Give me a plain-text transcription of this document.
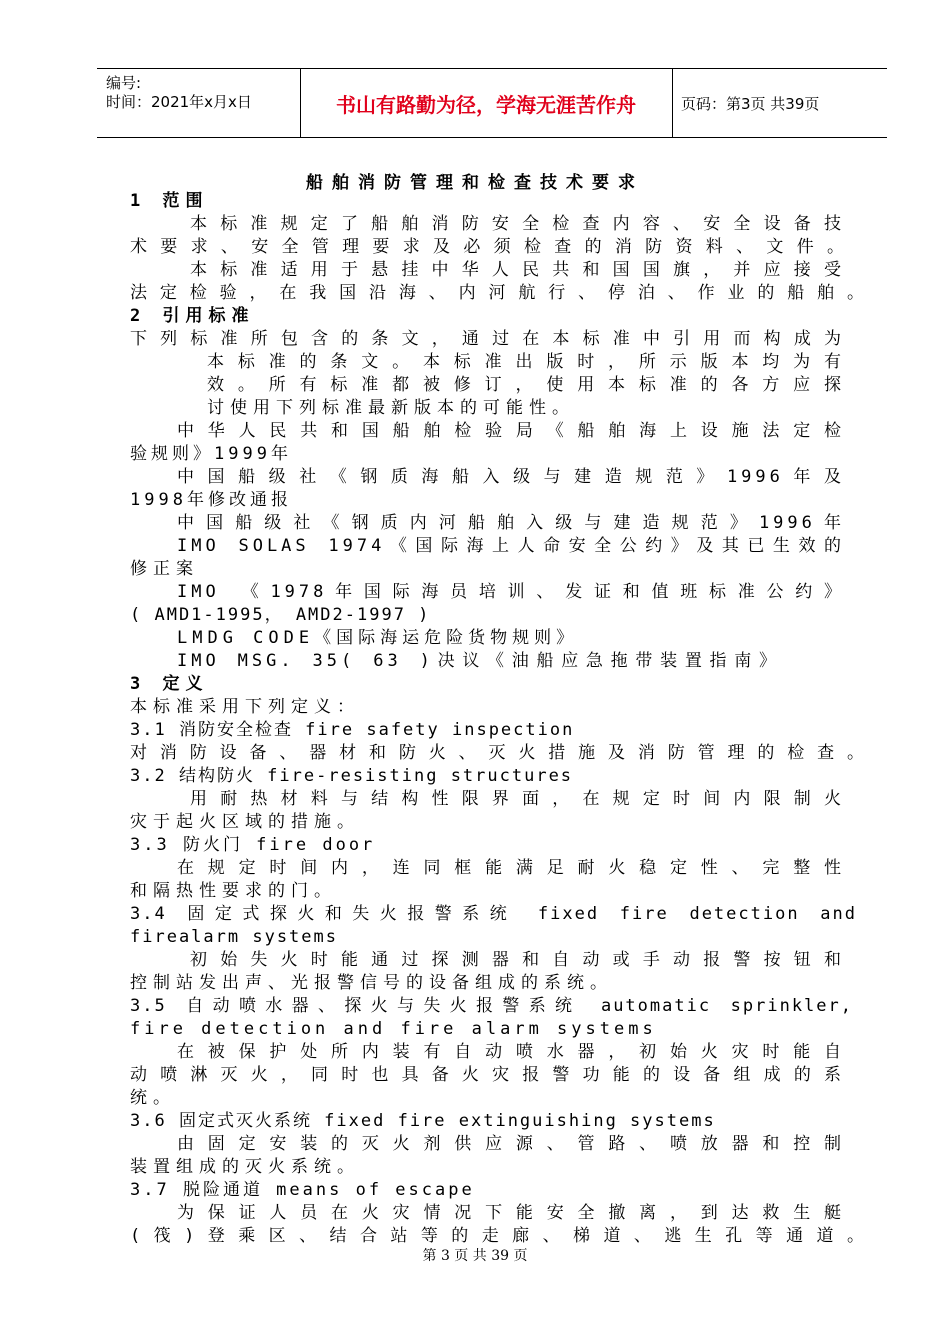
编号:
时间：2021年x月x日	书山有路勤为径，学海无涯苦作舟	页码：第3页 共39页
船舶消防管理和检查技术要求
1 范围
本标准规定了船舶消防安全检查内容、安全设备技
术要求、安全管理要求及必须检查的消防资料、文件。
本标准适用于悬挂中华人民共和国国旗，并应接受
法定检验，在我国沿海、内河航行、停泊、作业的船舶。
2 引用标准
下列标准所包含的条文，通过在本标准中引用而构成为
本标准的条文。本标准出版时，所示版本均为有
效。所有标准都被修订，使用本标准的各方应探
讨使用下列标准最新版本的可能性。
中华人民共和国船舶检验局《船舶海上设施法定检
验规则》1999年
中国船级社《钢质海船入级与建造规范》1996年及
1998年修改通报
中国船级社《钢质内河船舶入级与建造规范》1996年
IMO SOLAS 1974《国际海上人命安全公约》及其已生效的
修正案
IMO 《1978年国际海员培训、发证和值班标准公约》
( AMD1-1995， AMD2-1997 )
LMDG CODE《国际海运危险货物规则》
IMO MSG. 35( 63 )决议《油船应急拖带装置指南》
3 定义
本标准采用下列定义：
3.1 消防安全检查 fire safety inspection
对消防设备、器材和防火、灭火措施及消防管理的检查。
3.2 结构防火 fire-resisting structures
用耐热材料与结构性限界面，在规定时间内限制火
灾于起火区域的措施。
3.3 防火门 fire door
在规定时间内，连同框能满足耐火稳定性、完整性
和隔热性要求的门。
3.4 固定式探火和失火报警系统 fixed fire detection and
firealarm systems
初始失火时能通过探测器和自动或手动报警按钮和
控制站发出声、光报警信号的设备组成的系统。
3.5 自动喷水器、探火与失火报警系统 automatic sprinkler,
fire detection and fire alarm systems
在被保护处所内装有自动喷水器，初始火灾时能自
动喷淋灭火，同时也具备火灾报警功能的设备组成的系
统。
3.6 固定式灭火系统 fixed fire extinguishing systems
由固定安装的灭火剂供应源、管路、喷放器和控制
装置组成的灭火系统。
3.7 脱险通道 means of escape
为保证人员在火灾情况下能安全撤离，到达救生艇
(筏)登乘区、结合站等的走廊、梯道、逃生孔等通道。
第 3 页 共 39 页
